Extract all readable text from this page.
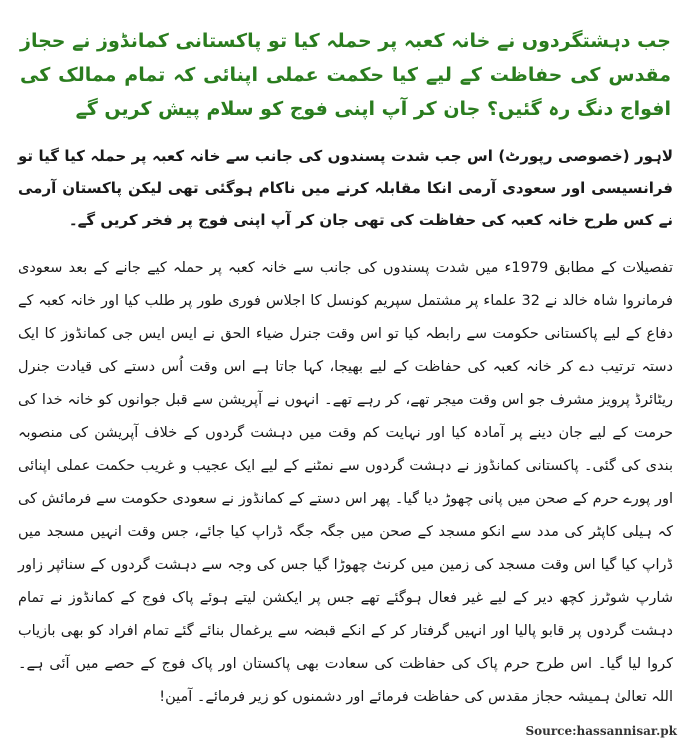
جب دہشتگردوں نے خانہ کعبہ پر حملہ کیا تو پاکستانی کمانڈوز نے حجاز مقدس کی حفاظت کے لیے کیا حکمت عملی اپنائی کہ تمام ممالک کی افواج دنگ رہ گئیں؟ جان کر آپ اپنی فوج کو سلام پیش کریں گے

لاہور (خصوصی رپورٹ) اس جب شدت پسندوں کی جانب سے خانہ کعبہ پر حملہ کیا گیا تو فرانسیسی اور سعودی آرمی انکا مقابلہ کرنے میں ناکام ہوگئی تھی لیکن پاکستان آرمی نے کس طرح خانہ کعبہ کی حفاظت کی تھی جان کر آپ اپنی فوج پر فخر کریں گے۔

تفصیلات کے مطابق 1979ء میں شدت پسندوں کی جانب سے خانہ کعبہ پر حملہ کیے جانے کے بعد سعودی فرمانروا شاہ خالد نے 32 علماء پر مشتمل سپریم کونسل کا اجلاس فوری طور پر طلب کیا اور خانہ کعبہ کے دفاع کے لیے پاکستانی حکومت سے رابطہ کیا تو اس وقت جنرل ضیاء الحق نے ایس ایس جی کمانڈوز کا ایک دستہ ترتیب دے کر خانہ کعبہ کی حفاظت کے لیے بھیجا، کہا جاتا ہے اس وقت اُس دستے کی قیادت جنرل ریٹائرڈ پرویز مشرف جو اس وقت میجر تھے، کر رہے تھے۔ انہوں نے آپریشن سے قبل جوانوں کو خانہ خدا کی حرمت کے لیے جان دینے پر آمادہ کیا اور نہایت کم وقت میں دہشت گردوں کے خلاف آپریشن کی منصوبہ بندی کی گئی۔ پاکستانی کمانڈوز نے دہشت گردوں سے نمٹنے کے لیے ایک عجیب و غریب حکمت عملی اپنائی اور پورے حرم کے صحن میں پانی چھوڑ دیا گیا۔ پھر اس دستے کے کمانڈوز نے سعودی حکومت سے فرمائش کی کہ ہیلی کاپٹر کی مدد سے انکو مسجد کے صحن میں جگہ جگہ ڈراپ کیا جائے، جس وقت انہیں مسجد میں ڈراپ کیا گیا اس وقت مسجد کی زمین میں کرنٹ چھوڑا گیا جس کی وجہ سے دہشت گردوں کے سنائپر زاور شارپ شوٹرز کچھ دیر کے لیے غیر فعال ہوگئے تھے جس پر ایکشن لیتے ہوئے پاک فوج کے کمانڈوز نے تمام دہشت گردوں پر قابو پالیا اور انہیں گرفتار کر کے انکے قبضہ سے یرغمال بنائے گئے تمام افراد کو بھی بازیاب کروا لیا گیا۔ اس طرح حرم پاک کی حفاظت کی سعادت بھی پاکستان اور پاک فوج کے حصے میں آئی ہے۔ اللہ تعالیٰ ہمیشہ حجاز مقدس کی حفاظت فرمائے اور دشمنوں کو زیر فرمائے۔ آمین!

Source:hassannisar.pk
